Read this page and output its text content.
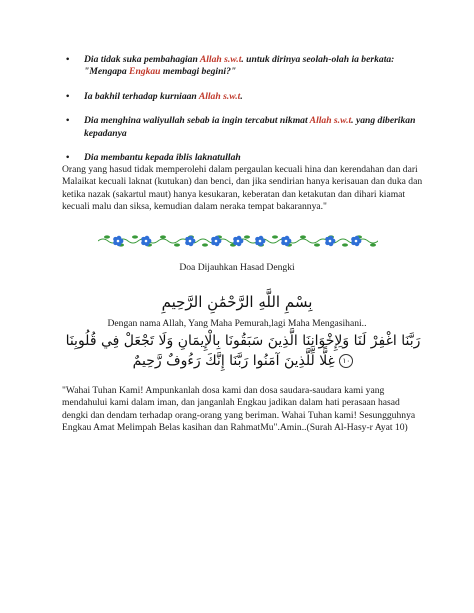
• Dia tidak suka pembahagian Allah s.w.t. untuk dirinya seolah-olah ia berkata: "Mengapa Engkau membagi begini?"
• Ia bakhil terhadap kurniaan Allah s.w.t.
• Dia menghina waliyullah sebab ia ingin tercabut nikmat Allah s.w.t. yang diberikan kepadanya
• Dia membantu kepada iblis laknatullah

Orang yang hasud tidak memperolehi dalam pergaulan kecuali hina dan kerendahan dan dari Malaikat kecuali laknat (kutukan) dan benci, dan jika sendirian hanya kerisauan dan duka dan ketika nazak (sakartul maut) hanya kesukaran, keberatan dan ketakutan dan dihari kiamat kecuali malu dan siksa, kemudian dalam neraka tempat bakarannya."

Doa Dijauhkan Hasad Dengki

بِسْمِ اللَّهِ الرَّحْمَٰنِ الرَّحِيمِ

Dengan nama Allah, Yang Maha Pemurah,lagi Maha Mengasihani..

رَبَّنَا اغْفِرْ لَنَا وَلِإِخْوَانِنَا الَّذِينَ سَبَقُونَا بِالْإِيمَانِ وَلَا تَجْعَلْ فِي قُلُوبِنَا
١٠ غِلًّا لِّلَّذِينَ آمَنُوا رَبَّنَا إِنَّكَ رَءُوفٌ رَّحِيمٌ

"Wahai Tuhan Kami! Ampunkanlah dosa kami dan dosa saudara-saudara kami yang mendahului kami dalam iman, dan janganlah Engkau jadikan dalam hati perasaan hasad dengki dan dendam terhadap orang-orang yang beriman. Wahai Tuhan kami! Sesungguhnya Engkau Amat Melimpah Belas kasihan dan RahmatMu".Amin..(Surah Al-Hasy-r Ayat 10)
